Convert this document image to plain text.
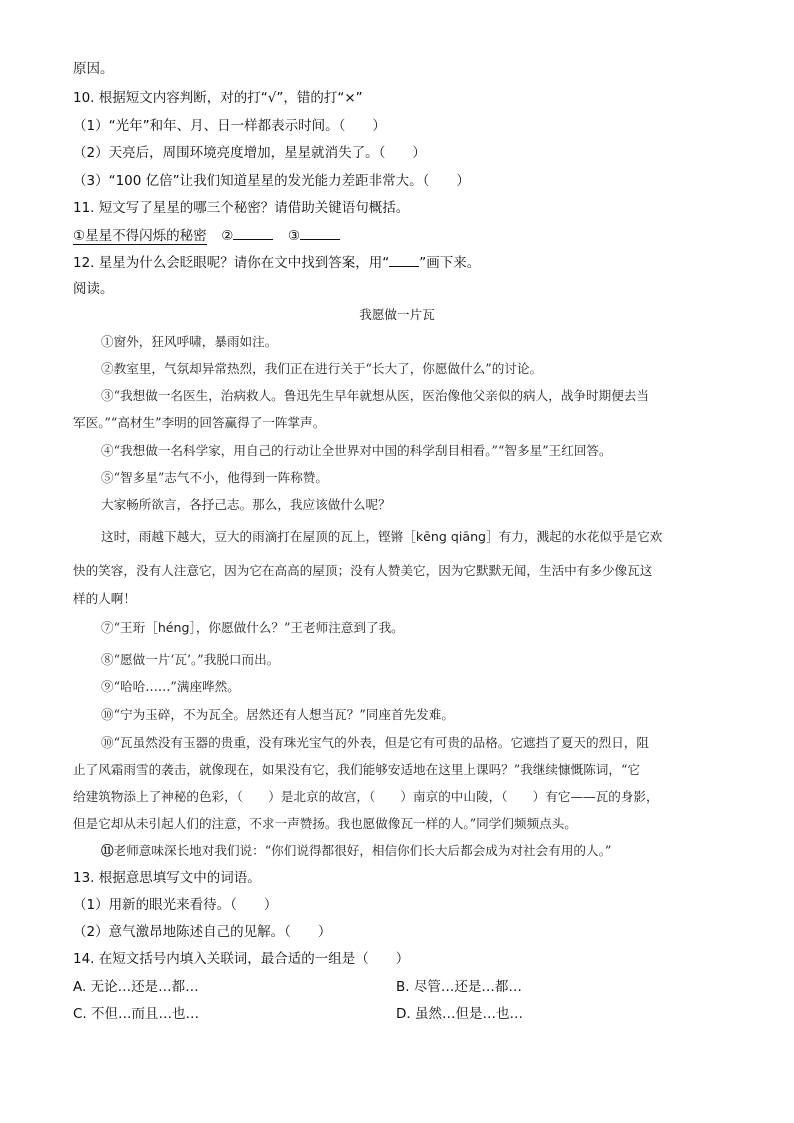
原因。
10. 根据短文内容判断，对的打“√”，错的打“×”
（1）“光年”和年、月、日一样都表示时间。（　　）
（2）天亮后，周围环境亮度增加，星星就消失了。（　　）
（3）“100 亿倍”让我们知道星星的发光能力差距非常大。（　　）
11. 短文写了星星的哪三个秘密？请借助关键语句概括。
①星星不得闪烁的秘密 ②	③
12. 星星为什么会眨眼呢？请你在文中找到答案，用“ ”画下来。
阅读。
我愿做一片瓦
①窗外，狂风呼啸，暴雨如注。
②教室里，气氛却异常热烈，我们正在进行关于“长大了，你愿做什么”的讨论。
③“我想做一名医生，治病救人。鲁迅先生早年就想从医，医治像他父亲似的病人，战争时期便去当
军医。”“高材生”李明的回答赢得了一阵掌声。
④“我想做一名科学家，用自己的行动让全世界对中国的科学刮目相看。”“智多星”王红回答。
⑤“智多星”志气不小，他得到一阵称赞。
大家畅所欲言，各抒己志。那么，我应该做什么呢？
这时，雨越下越大，豆大的雨滴打在屋顶的瓦上，铿锵［kēng qiāng］有力，溅起的水花似乎是它欢
快的笑容，没有人注意它，因为它在高高的屋顶；没有人赞美它，因为它默默无闻，生活中有多少像瓦这
样的人啊！
⑦“王珩［héng］，你愿做什么？”王老师注意到了我。
⑧“愿做一片‘瓦’。”我脱口而出。
⑨“哈哈……”满座哗然。
⑩“宁为玉碎，不为瓦全。居然还有人想当瓦？”同座首先发难。
⑩“瓦虽然没有玉器的贵重，没有珠光宝气的外表，但是它有可贵的品格。它遮挡了夏天的烈日，阻
止了风霜雨雪的袭击，就像现在，如果没有它，我们能够安适地在这里上课吗？”我继续慷慨陈词，“它
给建筑物添上了神秘的色彩，（　　）是北京的故宫，（　　）南京的中山陵，（　　）有它——瓦的身影，
但是它却从未引起人们的注意，不求一声赞扬。我也愿做像瓦一样的人。”同学们频频点头。
⑪老师意味深长地对我们说：“你们说得都很好，相信你们长大后都会成为对社会有用的人。”
13. 根据意思填写文中的词语。
（1）用新的眼光来看待。（　　）
（2）意气激昂地陈述自己的见解。（　　）
14. 在短文括号内填入关联词，最合适的一组是（　　）
A. 无论…还是…都…	B. 尽管…还是…都…
C. 不但…而且…也…	D. 虽然…但是…也…
